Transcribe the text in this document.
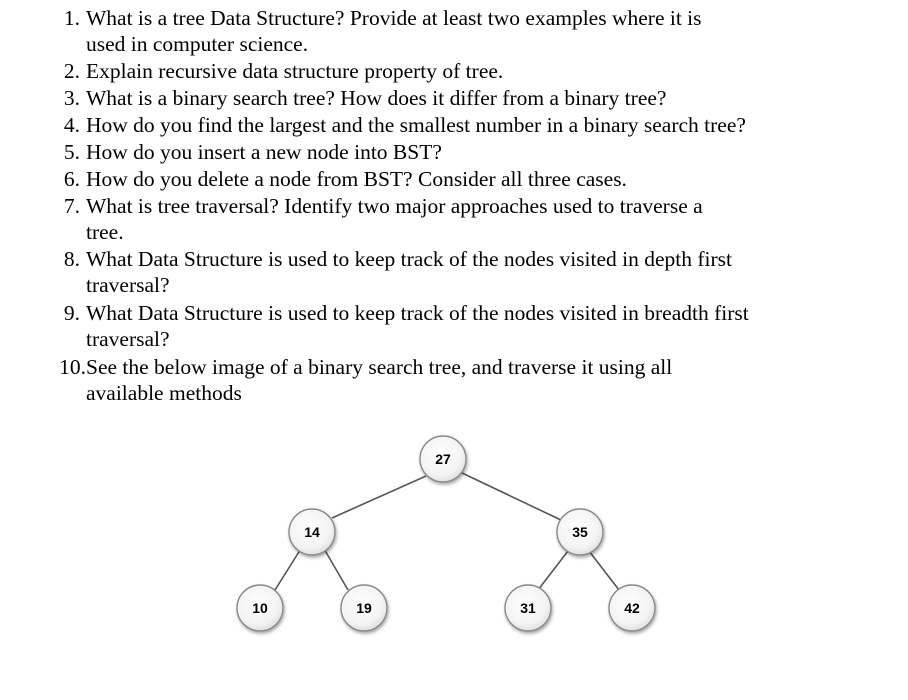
1. What is a tree Data Structure? Provide at least two examples where it is
used in computer science.
2. Explain recursive data structure property of tree.
3. What is a binary search tree? How does it differ from a binary tree?
4. How do you find the largest and the smallest number in a binary search tree?
5. How do you insert a new node into BST?
6. How do you delete a node from BST? Consider all three cases.
7. What is tree traversal? Identify two major approaches used to traverse a
tree.
8. What Data Structure is used to keep track of the nodes visited in depth first
traversal?
9. What Data Structure is used to keep track of the nodes visited in breadth first
traversal?
10. See the below image of a binary search tree, and traverse it using all
available methods
27
14	35
10	19	31	42
